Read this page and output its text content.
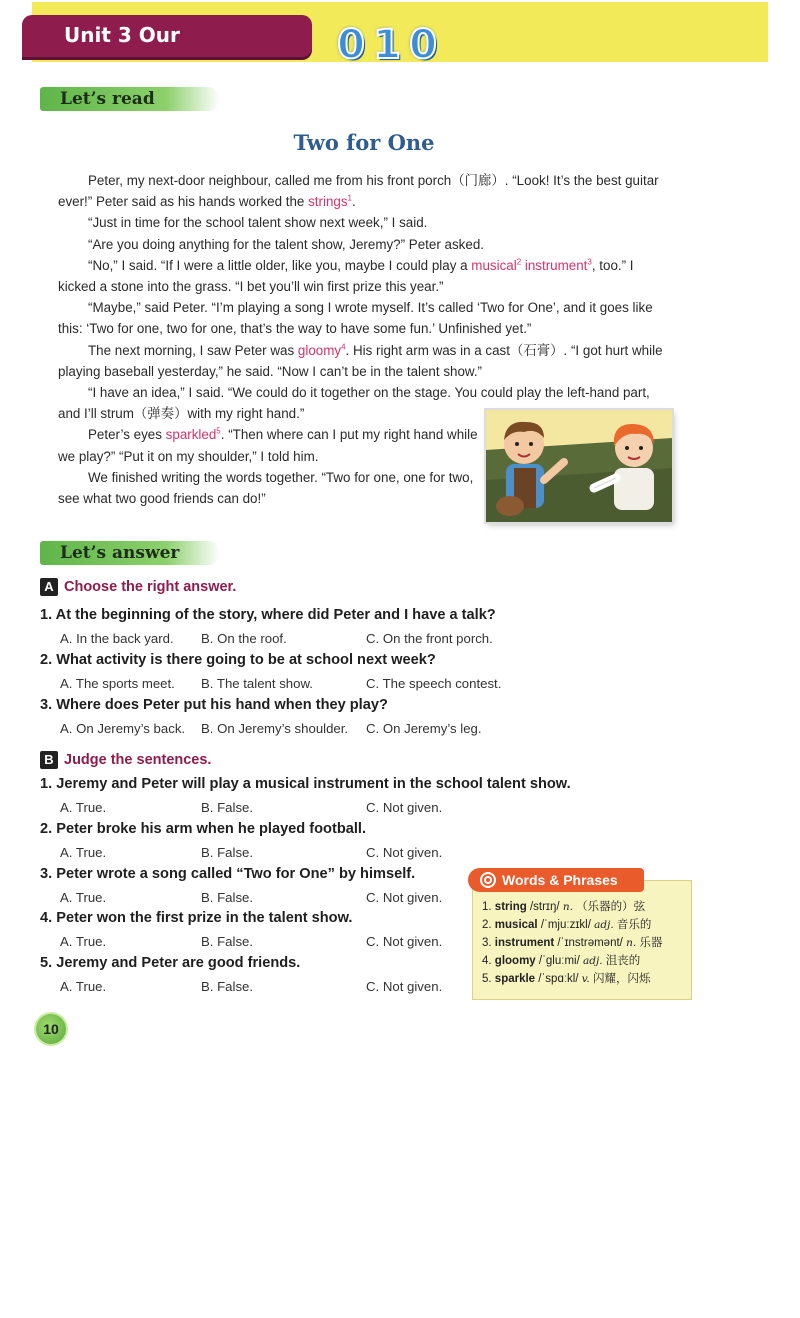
Unit 3 Our Neighbours
0 1 0
Let’s read
Two for One

Peter, my next-door neighbour, called me from his front porch（门廊）. “Look! It’s the best guitar ever!” Peter said as his hands worked the strings$^1$.

“Just in time for the school talent show next week,” I said.

“Are you doing anything for the talent show, Jeremy?” Peter asked.

“No,” I said. “If I were a little older, like you, maybe I could play a musical$^2$ instrument$^3$, too.” I kicked a stone into the grass. “I bet you’ll win first prize this year.”

“Maybe,” said Peter. “I’m playing a song I wrote myself. It’s called ‘Two for One’, and it goes like this: ‘Two for one, two for one, that’s the way to have some fun.’ Unfinished yet.”

The next morning, I saw Peter was gloomy$^4$. His right arm was in a cast（石膏）. “I got hurt while playing baseball yesterday,” he said. “Now I can’t be in the talent show.”

“I have an idea,” I said. “We could do it together on the stage. You could play the left-hand part, and I’ll strum（弹奏）with my right hand.”

Peter’s eyes sparkled$^5$. “Then where can I put my right hand while we play?” “Put it on my shoulder,” I told him.

We finished writing the words together. “Two for one, one for two, see what two good friends can do!”

Let’s answer
A Choose the right answer.
1. At the beginning of the story, where did Peter and I have a talk?
A. In the back yard. B. On the roof.	C. On the front porch.
2. What activity is there going to be at school next week?
A. The sports meet. B. The talent show.	C. The speech contest.
3. Where does Peter put his hand when they play?
A. On Jeremy’s back. B. On Jeremy’s shoulder. C. On Jeremy’s leg.
B Judge the sentences.
1. Jeremy and Peter will play a musical instrument in the school talent show.
A. True.	B. False.	C. Not given.
2. Peter broke his arm when he played football.
A. True.	B. False.	C. Not given.
3. Peter wrote a song called “Two for One” by himself.
A. True.	B. False.	C. Not given.
4. Peter won the first prize in the talent show.
A. True.	B. False.	C. Not given.
5. Jeremy and Peter are good friends.
A. True.	B. False.	C. Not given.
Words & Phrases
1. string /strɪŋ/ n. （乐器的）弦
2. musical /ˈmjuːzɪkl/ adj. 音乐的
3. instrument /ˈɪnstrəmənt/ n. 乐器
4. gloomy /ˈgluːmi/ adj. 沮丧的
5. sparkle /ˈspɑːkl/ v. 闪耀，闪烁
10
